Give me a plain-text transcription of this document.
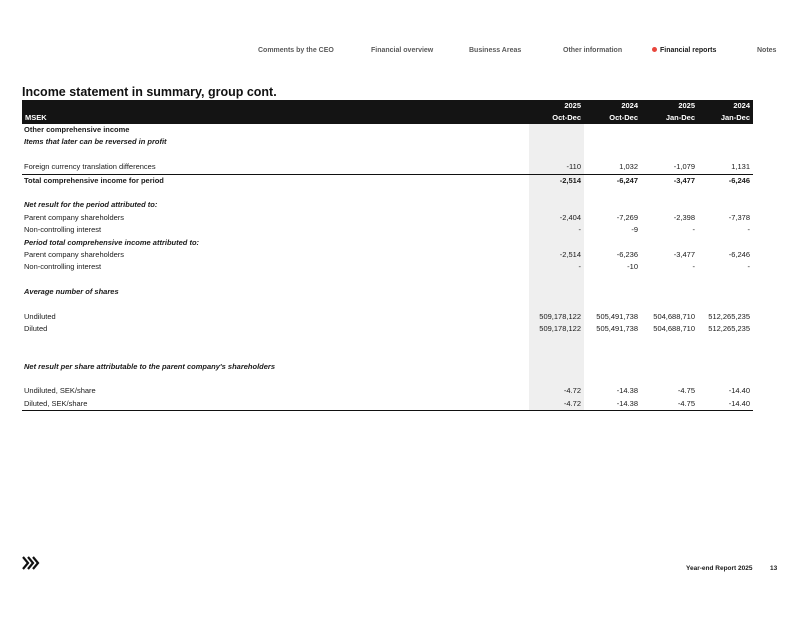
Comments by the CEO	Financial overview	Business Areas	Other information	Financial reports	Notes
Income statement in summary, group cont.
	2025	2024	2025	2024
MSEK	Oct-Dec	Oct-Dec	Jan-Dec	Jan-Dec
Other comprehensive income				
Items that later can be reversed in profit				

Foreign currency translation differences	-110	1,032	-1,079	1,131
Total comprehensive income for period	-2,514	-6,247	-3,477	-6,246

Net result for the period attributed to:				
Parent company shareholders	-2,404	-7,269	-2,398	-7,378
Non-controlling interest	-	-9	-	-
Period total comprehensive income attributed to:				
Parent company shareholders	-2,514	-6,236	-3,477	-6,246
Non-controlling interest	-	-10	-	-

Average number of shares				

Undiluted	509,178,122	505,491,738	504,688,710	512,265,235
Diluted	509,178,122	505,491,738	504,688,710	512,265,235

Net result per share attributable to the parent company's shareholders				

Undiluted, SEK/share	-4.72	-14.38	-4.75	-14.40
Diluted, SEK/share	-4.72	-14.38	-4.75	-14.40
Year-end Report 2025	13
